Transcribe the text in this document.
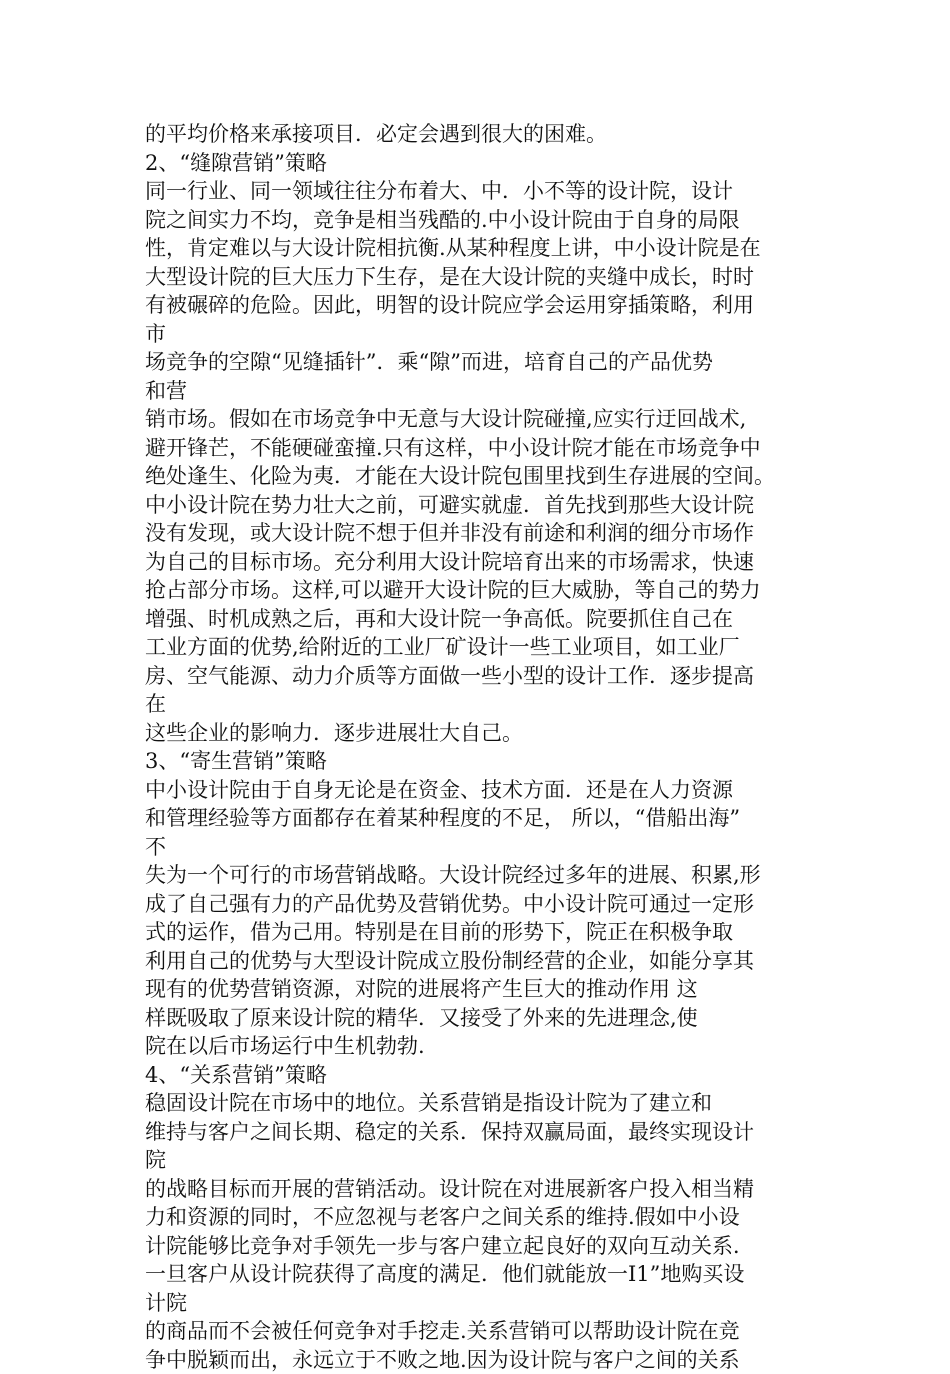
的平均价格来承接项目．必定会遇到很大的困难。
2、“缝隙营销”策略
同一行业、同一领域往往分布着大、中．小不等的设计院，设计
院之间实力不均，竞争是相当残酷的.中小设计院由于自身的局限
性，肯定难以与大设计院相抗衡.从某种程度上讲，中小设计院是在
大型设计院的巨大压力下生存，是在大设计院的夹缝中成长，时时
有被碾碎的危险。因此，明智的设计院应学会运用穿插策略，利用
市
场竞争的空隙“见缝插针”．乘“隙”而进，培育自己的产品优势
和营
销市场。假如在市场竞争中无意与大设计院碰撞,应实行迂回战术,
避开锋芒，不能硬碰蛮撞.只有这样，中小设计院才能在市场竞争中
绝处逢生、化险为夷．才能在大设计院包围里找到生存进展的空间。
中小设计院在势力壮大之前，可避实就虚．首先找到那些大设计院
没有发现，或大设计院不想于但并非没有前途和利润的细分市场作
为自己的目标市场。充分利用大设计院培育出来的市场需求，快速
抢占部分市场。这样,可以避开大设计院的巨大威胁，等自己的势力
增强、时机成熟之后，再和大设计院一争高低。院要抓住自己在
工业方面的优势,给附近的工业厂矿设计一些工业项目，如工业厂
房、空气能源、动力介质等方面做一些小型的设计工作．逐步提高
在
这些企业的影响力．逐步进展壮大自己。
3、“寄生营销”策略
中小设计院由于自身无论是在资金、技术方面．还是在人力资源
和管理经验等方面都存在着某种程度的不足， 所以，“借船出海”
不
失为一个可行的市场营销战略。大设计院经过多年的进展、积累,形
成了自己强有力的产品优势及营销优势。中小设计院可通过一定形
式的运作，借为己用。特别是在目前的形势下，院正在积极争取
利用自己的优势与大型设计院成立股份制经营的企业，如能分享其
现有的优势营销资源，对院的进展将产生巨大的推动作用 这
样既吸取了原来设计院的精华．又接受了外来的先进理念,使
院在以后市场运行中生机勃勃.
4、“关系营销”策略
稳固设计院在市场中的地位。关系营销是指设计院为了建立和
维持与客户之间长期、稳定的关系．保持双赢局面，最终实现设计
院
的战略目标而开展的营销活动。设计院在对进展新客户投入相当精
力和资源的同时，不应忽视与老客户之间关系的维持.假如中小设
计院能够比竞争对手领先一步与客户建立起良好的双向互动关系．
一旦客户从设计院获得了高度的满足．他们就能放一I1”地购买设
计院
的商品而不会被任何竞争对手挖走.关系营销可以帮助设计院在竞
争中脱颖而出，永远立于不败之地.因为设计院与客户之间的关系
